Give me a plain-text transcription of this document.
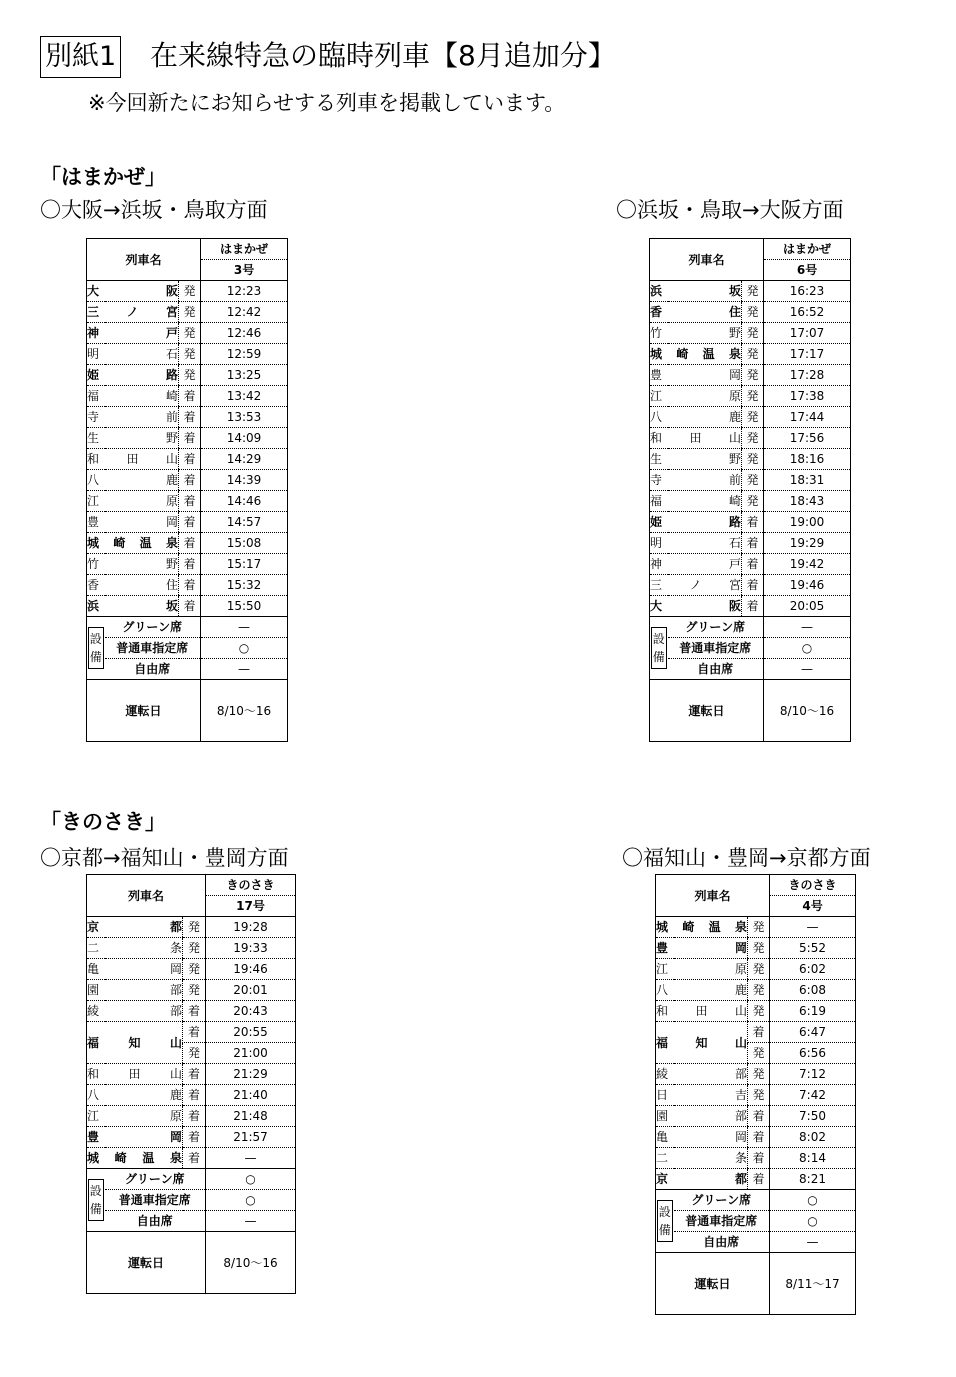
別紙1 在来線特急の臨時列車【8月追加分】
※今回新たにお知らせする列車を掲載しています。
「はまかぜ」
「きのさき」
〇大阪→浜坂・鳥取方面	〇浜坂・鳥取→大阪方面
〇京都→福知山・豊岡方面	〇福知山・豊岡→京都方面
列車名			はまかぜ
			3号

大 阪		発	12:23

三 ノ 宮		発	12:42

神 戸		発	12:46

明 石		発	12:59

姫 路		発	13:25

福 崎		着	13:42

寺 前		着	13:53

生 野		着	14:09

和 田 山		着	14:29

八 鹿		着	14:39

江 原		着	14:46

豊 岡		着	14:57

城 崎 温 泉		着	15:08

竹 野		着	15:17

香 住		着	15:32

浜 坂		着	15:50
設備	グリーン席		—
	普通車指定席		○
	自由席		—
運転日			8/10〜16
列車名			はまかぜ
			6号

浜 坂		発	16:23

香 住		発	16:52

竹 野		発	17:07

城 崎 温 泉		発	17:17

豊 岡		発	17:28

江 原		発	17:38

八 鹿		発	17:44

和 田 山		発	17:56

生 野		発	18:16

寺 前		発	18:31

福 崎		発	18:43

姫 路		着	19:00

明 石		着	19:29

神 戸		着	19:42

三 ノ 宮		着	19:46

大 阪		着	20:05
設備	グリーン席		—
	普通車指定席		○
	自由席		—
運転日			8/10〜16
列車名			きのさき
			17号

京 都		発	19:28

二 条		発	19:33

亀 岡		発	19:46

園 部		発	20:01

綾 部		着	20:43

福 知 山		着	20:55
		発	21:00

和 田 山		着	21:29

八 鹿		着	21:40

江 原		着	21:48

豊 岡		着	21:57

城 崎 温 泉		着	—
設備	グリーン席		○
	普通車指定席		○
	自由席		—
運転日			8/10〜16
列車名			きのさき
			4号

城 崎 温 泉		発	—

豊 岡		発	5:52

江 原		発	6:02

八 鹿		発	6:08

和 田 山		発	6:19

福 知 山		着	6:47
		発	6:56

綾 部		発	7:12

日 吉		発	7:42

園 部		着	7:50

亀 岡		着	8:02

二 条		着	8:14

京 都		着	8:21
設備	グリーン席		○
	普通車指定席		○
	自由席		—
運転日			8/11〜17
